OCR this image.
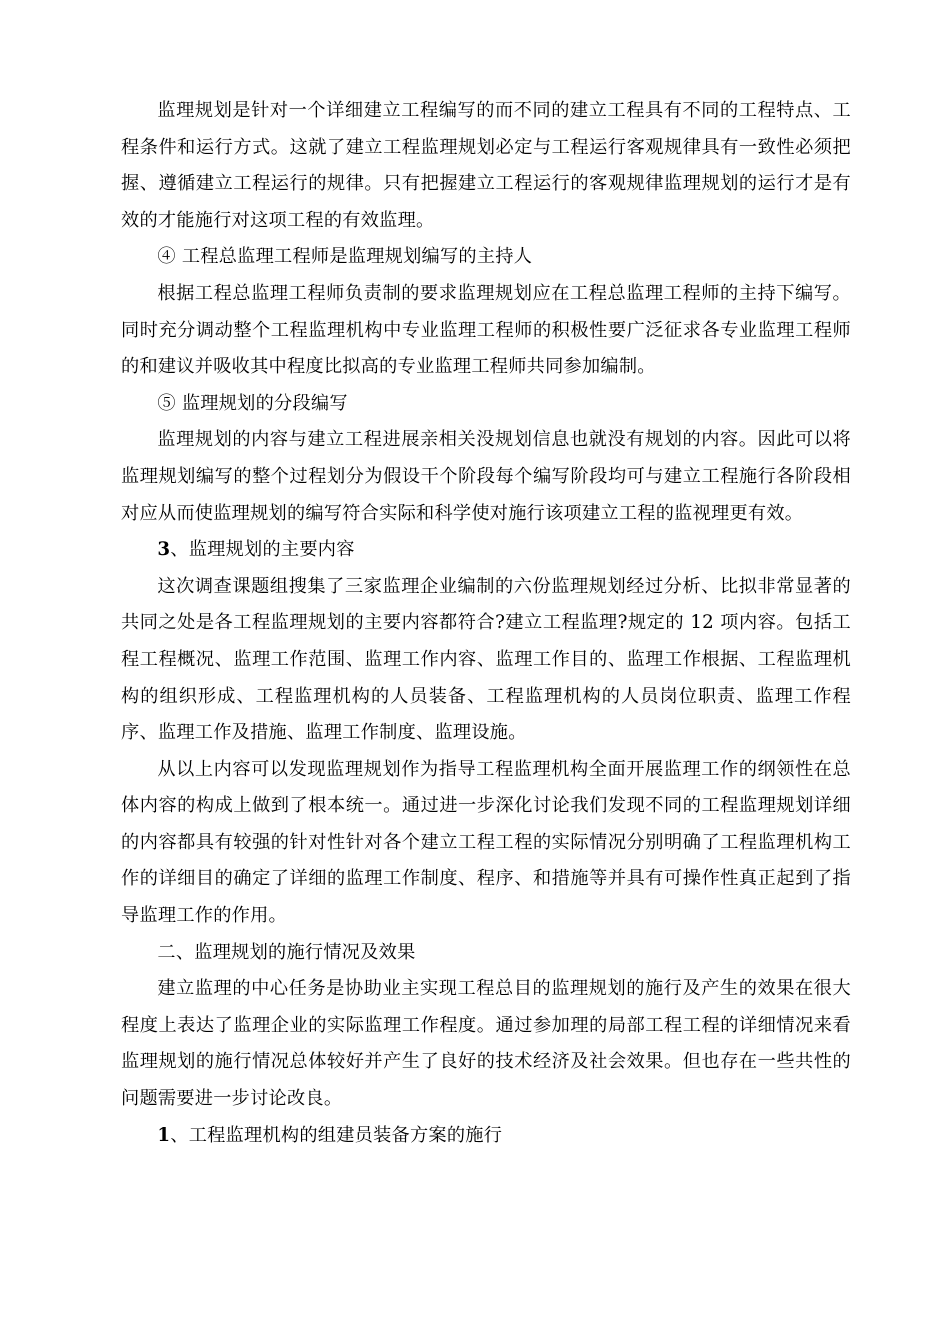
监理规划是针对一个详细建立工程编写的而不同的建立工程具有不同的工程特点、工程条件和运行方式。这就了建立工程监理规划必定与工程运行客观规律具有一致性必须把握、遵循建立工程运行的规律。只有把握建立工程运行的客观规律监理规划的运行才是有效的才能施行对这项工程的有效监理。

④ 工程总监理工程师是监理规划编写的主持人

根据工程总监理工程师负责制的要求监理规划应在工程总监理工程师的主持下编写。同时充分调动整个工程监理机构中专业监理工程师的积极性要广泛征求各专业监理工程师的和建议并吸收其中程度比拟高的专业监理工程师共同参加编制。

⑤ 监理规划的分段编写

监理规划的内容与建立工程进展亲相关没规划信息也就没有规划的内容。因此可以将监理规划编写的整个过程划分为假设干个阶段每个编写阶段均可与建立工程施行各阶段相对应从而使监理规划的编写符合实际和科学使对施行该项建立工程的监视理更有效。

3、监理规划的主要内容

这次调查课题组搜集了三家监理企业编制的六份监理规划经过分析、比拟非常显著的共同之处是各工程监理规划的主要内容都符合?建立工程监理?规定的 12 项内容。包括工程工程概况、监理工作范围、监理工作内容、监理工作目的、监理工作根据、工程监理机构的组织形成、工程监理机构的人员装备、工程监理机构的人员岗位职责、监理工作程序、监理工作及措施、监理工作制度、监理设施。

从以上内容可以发现监理规划作为指导工程监理机构全面开展监理工作的纲领性在总体内容的构成上做到了根本统一。通过进一步深化讨论我们发现不同的工程监理规划详细的内容都具有较强的针对性针对各个建立工程工程的实际情况分别明确了工程监理机构工作的详细目的确定了详细的监理工作制度、程序、和措施等并具有可操作性真正起到了指导监理工作的作用。

二、监理规划的施行情况及效果

建立监理的中心任务是协助业主实现工程总目的监理规划的施行及产生的效果在很大程度上表达了监理企业的实际监理工作程度。通过参加理的局部工程工程的详细情况来看监理规划的施行情况总体较好并产生了良好的技术经济及社会效果。但也存在一些共性的问题需要进一步讨论改良。

1、工程监理机构的组建员装备方案的施行
